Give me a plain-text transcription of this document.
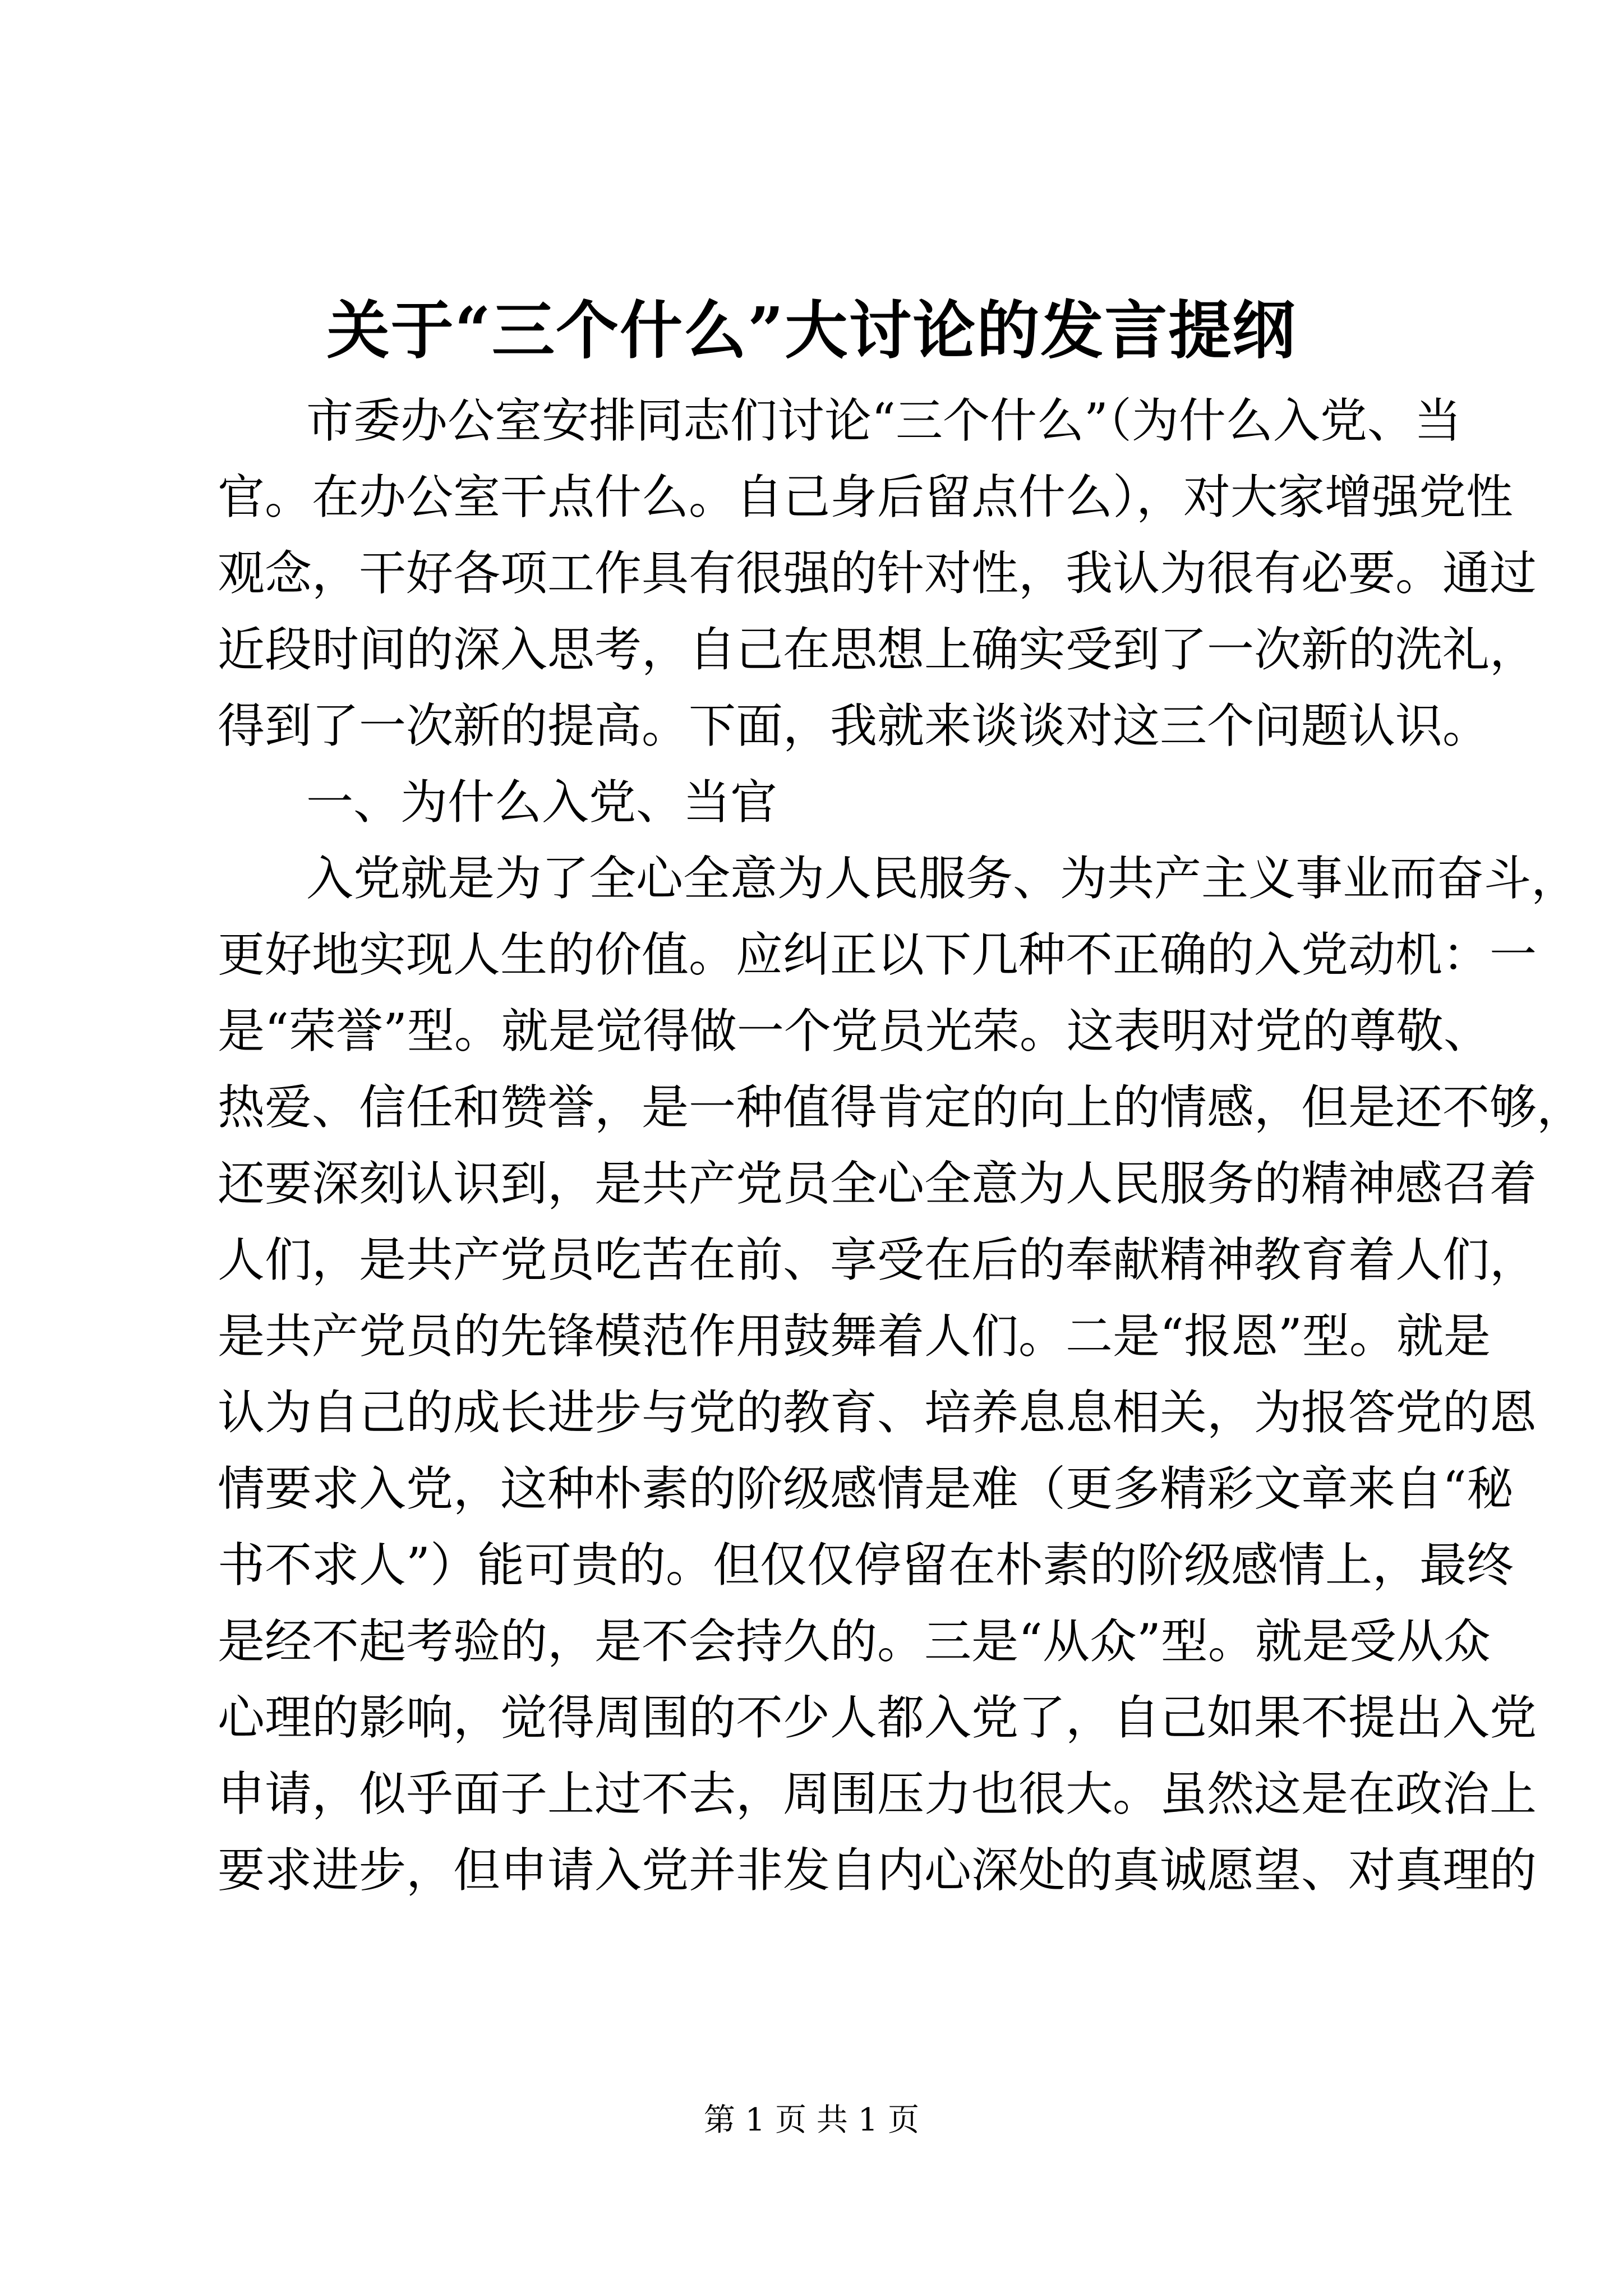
关于“三个什么”大讨论的发言提纲
市委办公室安排同志们讨论“三个什么”（为什么入党、当
官。在办公室干点什么。自己身后留点什么），对大家增强党性
观念，干好各项工作具有很强的针对性，我认为很有必要。通过
近段时间的深入思考，自己在思想上确实受到了一次新的洗礼，
得到了一次新的提高。下面，我就来谈谈对这三个问题认识。
一、为什么入党、当官
入党就是为了全心全意为人民服务、为共产主义事业而奋斗，
更好地实现人生的价值。应纠正以下几种不正确的入党动机：一
是“荣誉”型。就是觉得做一个党员光荣。这表明对党的尊敬、
热爱、信任和赞誉，是一种值得肯定的向上的情感，但是还不够，
还要深刻认识到，是共产党员全心全意为人民服务的精神感召着
人们，是共产党员吃苦在前、享受在后的奉献精神教育着人们，
是共产党员的先锋模范作用鼓舞着人们。二是“报恩”型。就是
认为自己的成长进步与党的教育、培养息息相关，为报答党的恩
情要求入党，这种朴素的阶级感情是难（更多精彩文章来自“秘
书不求人”）能可贵的。但仅仅停留在朴素的阶级感情上，最终
是经不起考验的，是不会持久的。三是“从众”型。就是受从众
心理的影响，觉得周围的不少人都入党了，自己如果不提出入党
申请，似乎面子上过不去，周围压力也很大。虽然这是在政治上
要求进步，但申请入党并非发自内心深处的真诚愿望、对真理的
第 1 页 共 1 页
